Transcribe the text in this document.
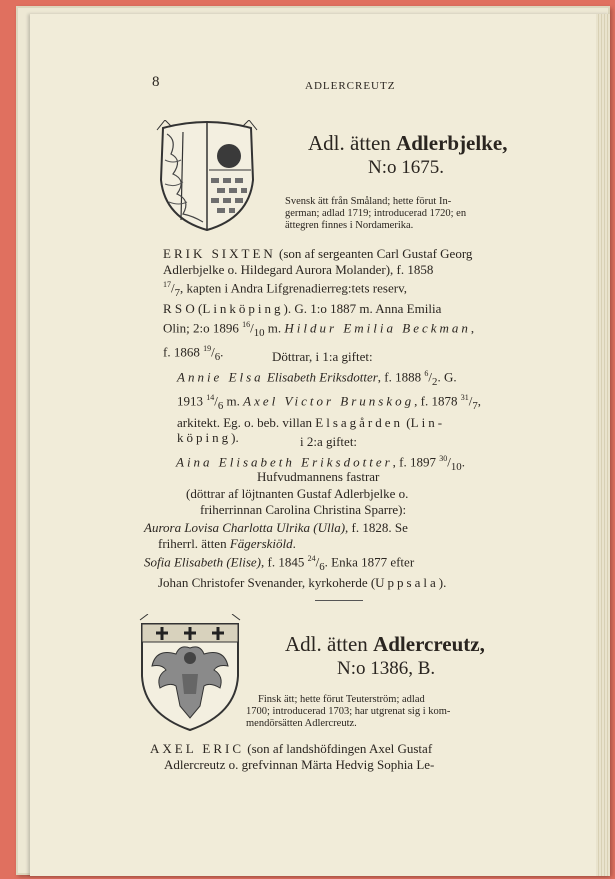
8	ADLERCREUTZ
Adl. ätten Adlerbjelke,
N:o 1675.
Svensk ätt från Småland; hette förut In-
german; adlad 1719; introducerad 1720; en
ättegren finnes i Nordamerika.
ERIK SIXTEN (son af sergeanten Carl Gustaf Georg
Adlerbjelke o. Hildegard Aurora Molander), f. 1858
$^{17}/_7$, kapten i Andra Lifgrenadierreg:tets reserv,
R S O (Linköping). G. 1:o 1887 m. Anna Emilia
Olin; 2:o 1896 $^{16}/_{10}$ m. Hildur Emilia Beckman,
f. 1868 $^{19}/_6$.	Döttrar, i 1:a giftet:
Annie Elsa Elisabeth Eriksdotter, f. 1888 $^6/_2$. G.
1913 $^{14}/_6$ m. Axel Victor Brunskog, f. 1878 $^{31}/_7$,
arkitekt. Eg. o. beb. villan Elsagården (Lin-
köping).	i 2:a giftet:
Aina Elisabeth Eriksdotter, f. 1897 $^{30}/_{10}$.
Hufvudmannens fastrar
(döttrar af löjtnanten Gustaf Adlerbjelke o.
friherrinnan Carolina Christina Sparre):
Aurora Lovisa Charlotta Ulrika (Ulla), f. 1828. Se
friherrl. ätten Fägerskiöld.
Sofia Elisabeth (Elise), f. 1845 $^{24}/_6$. Enka 1877 efter
Johan Christofer Svenander, kyrkoherde (Uppsala).
Adl. ätten Adlercreutz,
N:o 1386, B.
Finsk ätt; hette förut Teuterström; adlad
1700; introducerad 1703; har utgrenat sig i kom-
mendörsätten Adlercreutz.
AXEL ERIC (son af landshöfdingen Axel Gustaf
Adlercreutz o. grefvinnan Märta Hedvig Sophia Le-
